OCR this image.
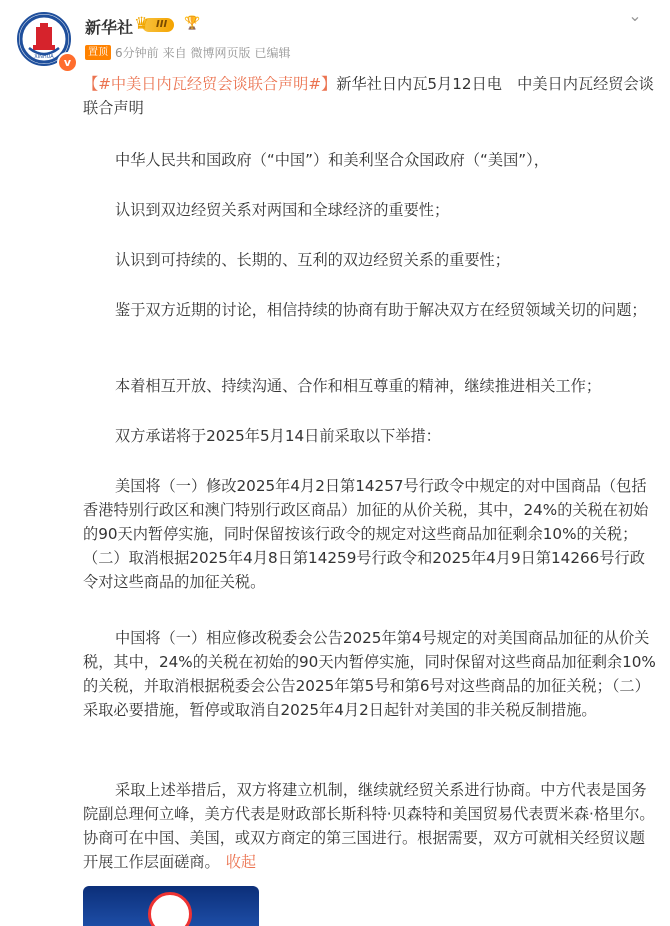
XINHUA v
新华社	III
♛	🏆	⌄
置顶 6分钟前 来自 微博网页版 已编辑
【#中美日内瓦经贸会谈联合声明#】新华社日内瓦5月12日电　中美日内瓦经贸会谈联合声明
中华人民共和国政府（“中国”）和美利坚合众国政府（“美国”），
认识到双边经贸关系对两国和全球经济的重要性；
认识到可持续的、长期的、互利的双边经贸关系的重要性；
鉴于双方近期的讨论，相信持续的协商有助于解决双方在经贸领域关切的问题；
本着相互开放、持续沟通、合作和相互尊重的精神，继续推进相关工作；
双方承诺将于2025年5月14日前采取以下举措：
美国将（一）修改2025年4月2日第14257号行政令中规定的对中国商品（包括香港特别行政区和澳门特别行政区商品）加征的从价关税，其中，24%的关税在初始的90天内暂停实施，同时保留按该行政令的规定对这些商品加征剩余10%的关税；（二）取消根据2025年4月8日第14259号行政令和2025年4月9日第14266号行政令对这些商品的加征关税。
中国将（一）相应修改税委会公告2025年第4号规定的对美国商品加征的从价关税，其中，24%的关税在初始的90天内暂停实施，同时保留对这些商品加征剩余10%的关税，并取消根据税委会公告2025年第5号和第6号对这些商品的加征关税；（二）采取必要措施，暂停或取消自2025年4月2日起针对美国的非关税反制措施。
采取上述举措后，双方将建立机制，继续就经贸关系进行协商。中方代表是国务院副总理何立峰，美方代表是财政部长斯科特·贝森特和美国贸易代表贾米森·格里尔。协商可在中国、美国，或双方商定的第三国进行。根据需要，双方可就相关经贸议题开展工作层面磋商。 收起
